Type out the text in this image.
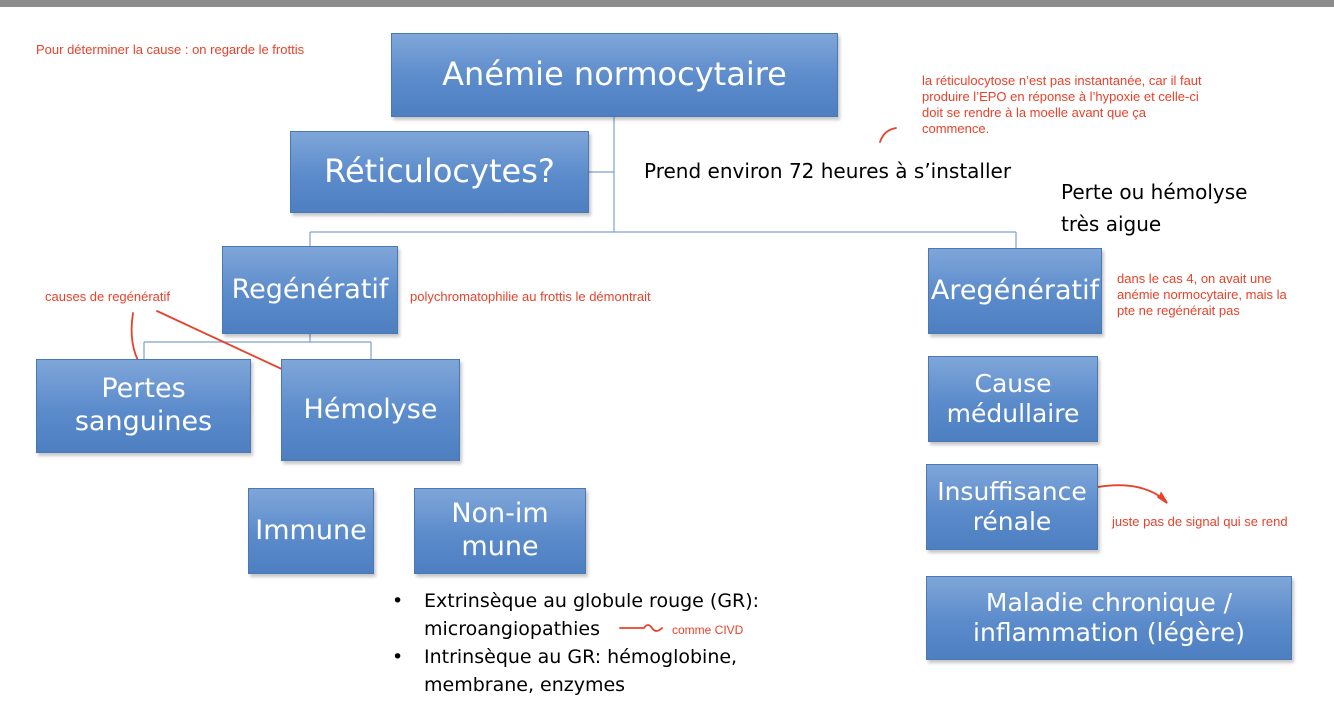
Anémie normocytaire
Réticulocytes?
Regénératif	Aregénératif
Pertes sanguines	Hémolyse
Immune
Non-immune
Cause médullaire
Insuffisance rénale
Maladie chronique / inflammation (légère)
Prend environ 72 heures à s’installer
Perte ou hémolyse très aigue
• Extrinsèque au globule rouge (GR):
microangiopathies
• Intrinsèque au GR: hémoglobine,
membrane, enzymes
Pour déterminer la cause : on regarde le frottis
la réticulocytose n’est pas instantanée, car il faut produire l’EPO en réponse à l’hypoxie et celle-ci doit se rendre à la moelle avant que ça commence.
causes de regénératif	polychromatophilie au frottis le démontrait
dans le cas 4, on avait une anémie normocytaire, mais la pte ne regénérait pas
juste pas de signal qui se rend
comme CIVD
